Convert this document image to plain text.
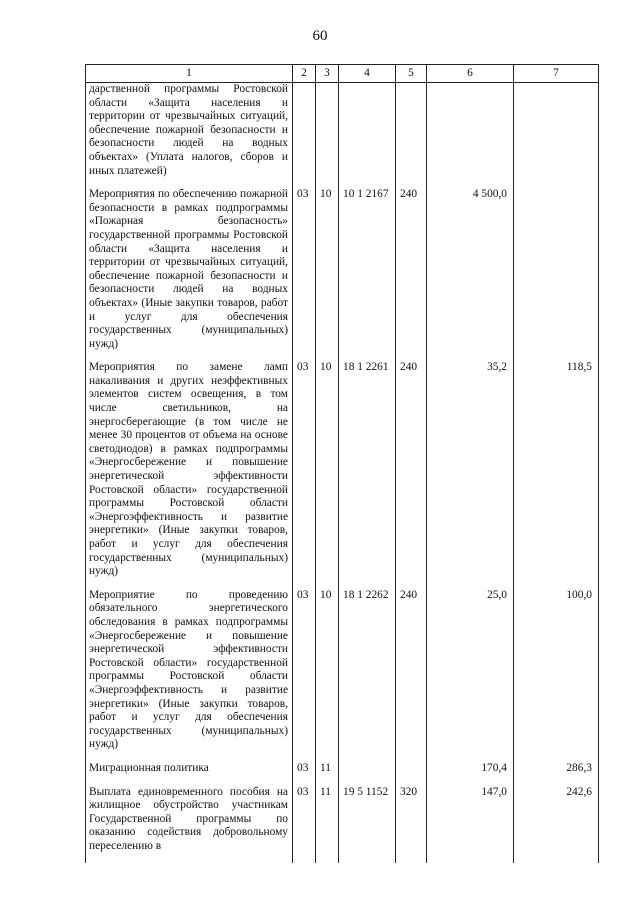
60
1	2	3	4	5	6	7
дарственной программы Ростовской области «Защита населения и территории от чрезвычайных ситуаций, обеспечение пожарной безопасности и безопасности людей на водных объектах» (Уплата налогов, сборов и иных платежей)						
Мероприятия по обеспечению пожарной безопасности в рамках подпрограммы «Пожарная безопасность» государственной программы Ростовской области «Защита населения и территории от чрезвычайных ситуаций, обеспечение пожарной безопасности и безопасности людей на водных объектах» (Иные закупки товаров, работ и услуг для обеспечения государственных (муниципальных) нужд)	03	10	10 1 2167	240	4 500,0	
Мероприятия по замене ламп накаливания и других неэффективных элементов систем освещения, в том числе светильников, на энергосберегающие (в том числе не менее 30 процентов от объема на основе светодиодов) в рамках подпрограммы «Энергосбережение и повышение энергетической эффективности Ростовской области» государственной программы Ростовской области «Энергоэффективность и развитие энергетики» (Иные закупки товаров, работ и услуг для обеспечения государственных (муниципальных) нужд)	03	10	18 1 2261	240	35,2	118,5
Мероприятие по проведению обязательного энергетического обследования в рамках подпрограммы «Энергосбережение и повышение энергетической эффективности Ростовской области» государственной программы Ростовской области «Энергоэффективность и развитие энергетики» (Иные закупки товаров, работ и услуг для обеспечения государственных (муниципальных) нужд)	03	10	18 1 2262	240	25,0	100,0
Миграционная политика	03	11			170,4	286,3
Выплата единовременного пособия на жилищное обустройство участникам Государственной программы по оказанию содействия добровольному переселению в	03	11	19 5 1152	320	147,0	242,6
